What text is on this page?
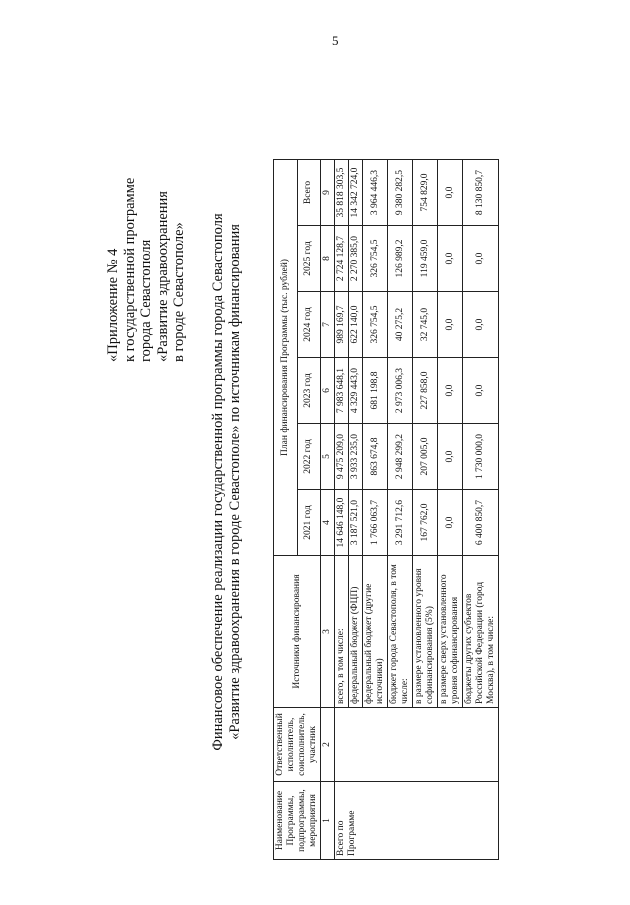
5
«Приложение № 4 к государственной программе города Севастополя «Развитие здравоохранения в городе Севастополе» Финансовое обеспечение реализации государственной программы города Севастополя «Развитие здравоохранения в городе Севастополе» по источникам финансирования
Наименование Программы, подпрограммы, мероприятия	Ответственный исполнитель, соисполнитель, участник	Источники финансирования	План финансирования Программы (тыс. рублей)					
			2021 год	2022 год	2023 год	2024 год	2025 год	Всего
1	2	3	4	5	6	7	8	9
Всего по Программе		всего, в том числе:	14 646 148,0	9 475 209,0	7 983 648,1	989 169,7	2 724 128,7	35 818 303,5
		федеральный бюджет (ФЦП)	3 187 521,0	3 933 235,0	4 329 443,0	622 140,0	2 270 385,0	14 342 724,0
		федеральный бюджет (другие источники)	1 766 063,7	863 674,8	681 198,8	326 754,5	326 754,5	3 964 446,3
		бюджет города Севастополя, в том числе:	3 291 712,6	2 948 299,2	2 973 006,3	40 275,2	126 989,2	9 380 282,5
		в размере установленного уровня софинансирования (5%)	167 762,0	207 005,0	227 858,0	32 745,0	119 459,0	754 829,0
		в размере сверх установленного уровня софинансирования	0,0	0,0	0,0	0,0	0,0	0,0
		бюджеты других субъектов Российской Федерации (город Москва), в том числе:	6 400 850,7	1 730 000,0	0,0	0,0	0,0	8 130 850,7
